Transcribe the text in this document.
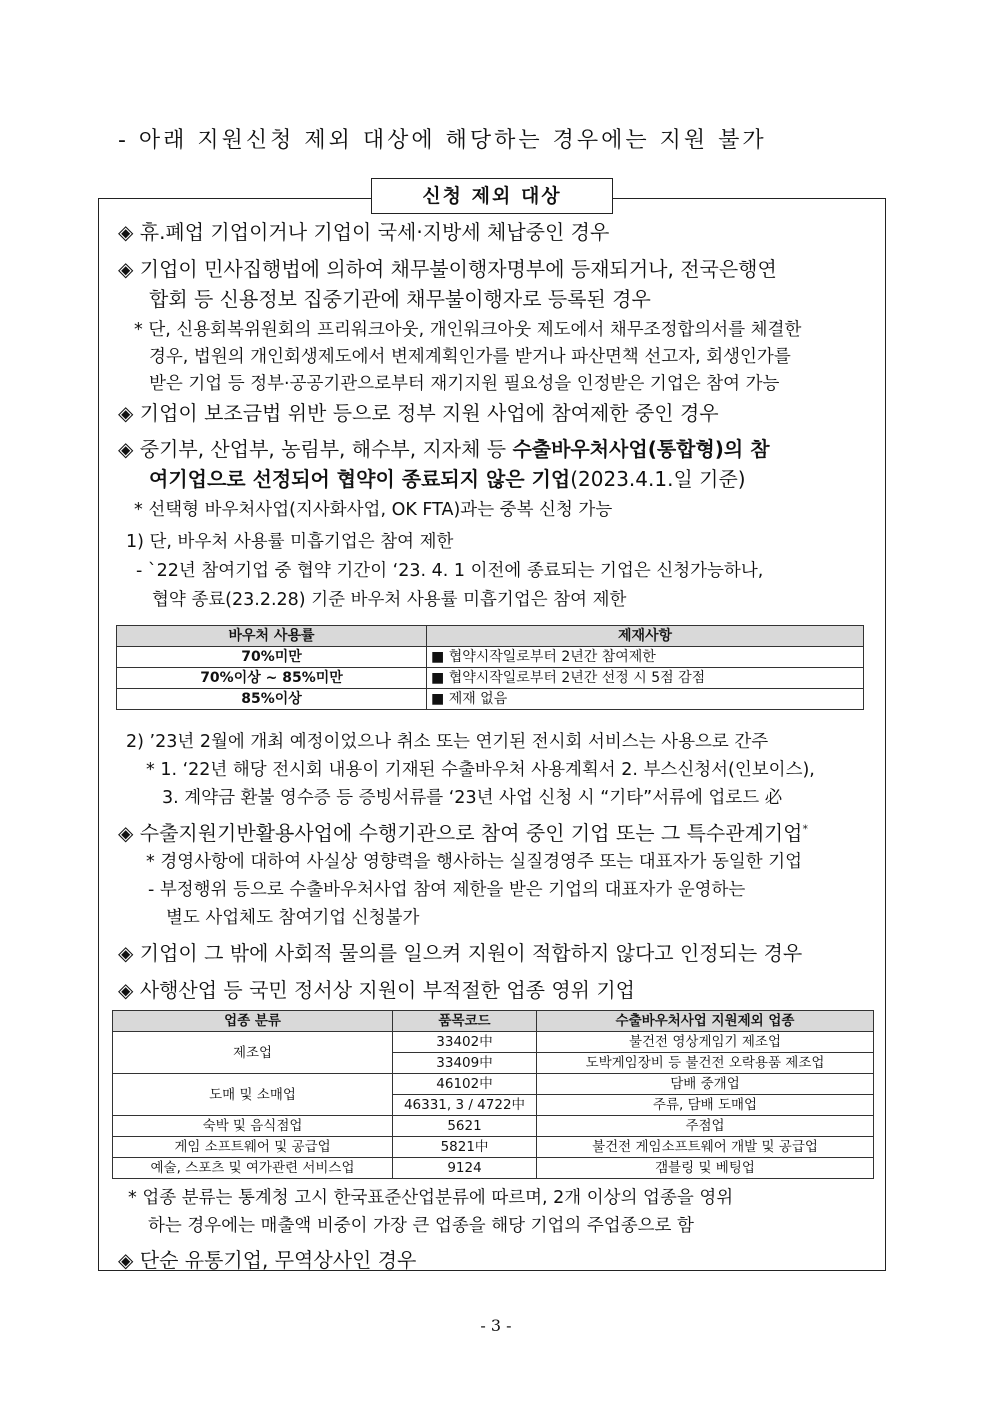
- 아래 지원신청 제외 대상에 해당하는 경우에는 지원 불가
신청 제외 대상
◈ 휴.폐업 기업이거나 기업이 국세·지방세 체납중인 경우
◈ 기업이 민사집행법에 의하여 채무불이행자명부에 등재되거나, 전국은행연
합회 등 신용정보 집중기관에 채무불이행자로 등록된 경우
* 단, 신용회복위원회의 프리워크아웃, 개인워크아웃 제도에서 채무조정합의서를 체결한
경우, 법원의 개인회생제도에서 변제계획인가를 받거나 파산면책 선고자, 회생인가를
받은 기업 등 정부·공공기관으로부터 재기지원 필요성을 인정받은 기업은 참여 가능
◈ 기업이 보조금법 위반 등으로 정부 지원 사업에 참여제한 중인 경우
◈ 중기부, 산업부, 농림부, 해수부, 지자체 등 수출바우처사업(통합형)의 참
여기업으로 선정되어 협약이 종료되지 않은 기업(2023.4.1.일 기준)
* 선택형 바우처사업(지사화사업, OK FTA)과는 중복 신청 가능
1) 단, 바우처 사용률 미흡기업은 참여 제한
- `22년 참여기업 중 협약 기간이 ‘23. 4. 1 이전에 종료되는 기업은 신청가능하나,
협약 종료(23.2.28) 기준 바우처 사용률 미흡기업은 참여 제한
바우처 사용률	제재사항
70%미만	■ 협약시작일로부터 2년간 참여제한
70%이상 ~ 85%미만	■ 협약시작일로부터 2년간 선정 시 5점 감점
85%이상	■ 제재 없음
2) ’23년 2월에 개최 예정이었으나 취소 또는 연기된 전시회 서비스는 사용으로 간주
* 1. ‘22년 해당 전시회 내용이 기재된 수출바우처 사용계획서 2. 부스신청서(인보이스),
3. 계약금 환불 영수증 등 증빙서류를 ‘23년 사업 신청 시 “기타”서류에 업로드 必
◈ 수출지원기반활용사업에 수행기관으로 참여 중인 기업 또는 그 특수관계기업*
* 경영사항에 대하여 사실상 영향력을 행사하는 실질경영주 또는 대표자가 동일한 기업
- 부정행위 등으로 수출바우처사업 참여 제한을 받은 기업의 대표자가 운영하는
별도 사업체도 참여기업 신청불가
◈ 기업이 그 밖에 사회적 물의를 일으켜 지원이 적합하지 않다고 인정되는 경우
◈ 사행산업 등 국민 정서상 지원이 부적절한 업종 영위 기업
업종 분류	품목코드	수출바우처사업 지원제외 업종
제조업	33402中	불건전 영상게임기 제조업
	33409中	도박게임장비 등 불건전 오락용품 제조업
도매 및 소매업	46102中	담배 중개업
	46331, 3 / 4722中	주류, 담배 도매업
숙박 및 음식점업	5621	주점업
게임 소프트웨어 및 공급업	5821中	불건전 게임소프트웨어 개발 및 공급업
예술, 스포츠 및 여가관련 서비스업	9124	갬블링 및 베팅업
* 업종 분류는 통계청 고시 한국표준산업분류에 따르며, 2개 이상의 업종을 영위
하는 경우에는 매출액 비중이 가장 큰 업종을 해당 기업의 주업종으로 함
◈ 단순 유통기업, 무역상사인 경우
- 3 -
